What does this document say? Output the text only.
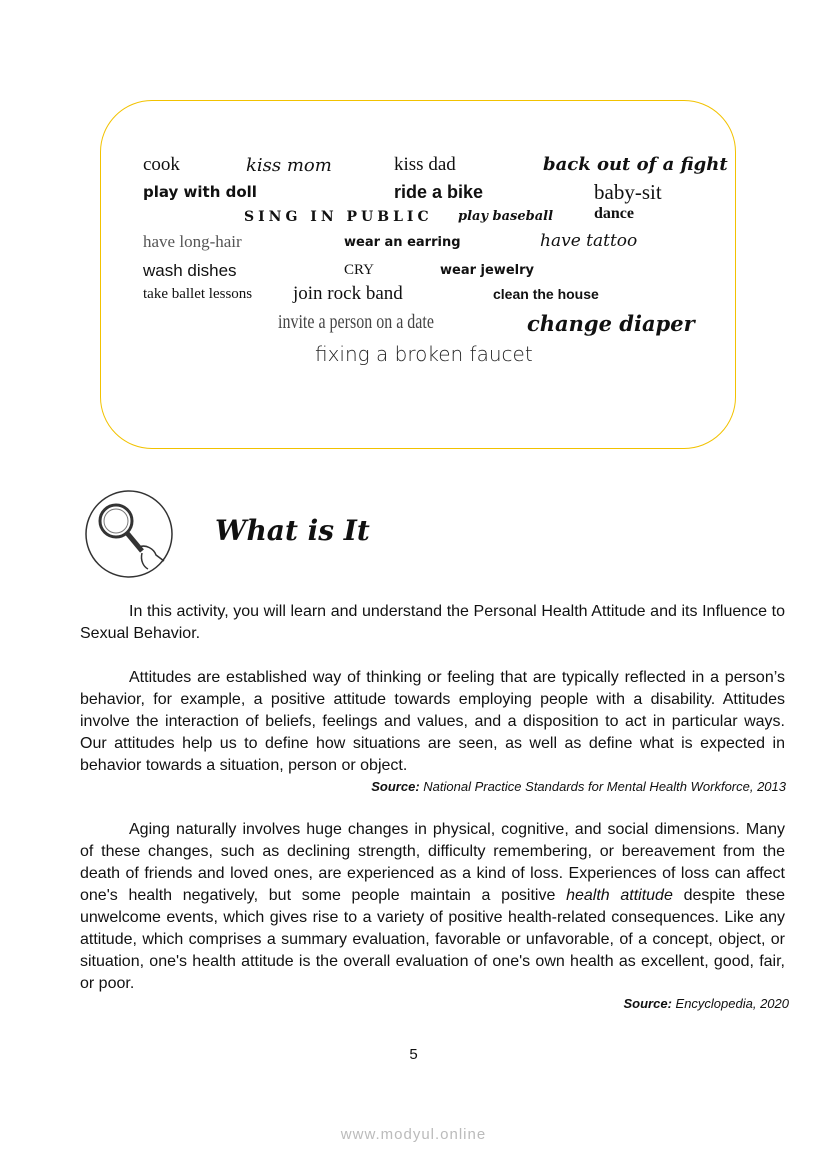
cook	kiss mom	kiss dad	back out of a fight
play with doll	ride a bike	baby-sit
SING IN PUBLIC play baseball	dance
have long-hair	wear an earring	have tattoo
wash dishes	CRY	wear jewelry
take ballet lessons join rock band	clean the house
invite a person on a date	change diaper
fixing a broken faucet
What is It

In this activity, you will learn and understand the Personal Health Attitude and its Influence to Sexual Behavior.

Attitudes are established way of thinking or feeling that are typically reflected in a person’s behavior, for example, a positive attitude towards employing people with a disability. Attitudes involve the interaction of beliefs, feelings and values, and a disposition to act in particular ways. Our attitudes help us to define how situations are seen, as well as define what is expected in behavior towards a situation, person or object.

Source: National Practice Standards for Mental Health Workforce, 2013

Aging naturally involves huge changes in physical, cognitive, and social dimensions. Many of these changes, such as declining strength, difficulty remembering, or bereavement from the death of friends and loved ones, are experienced as a kind of loss. Experiences of loss can affect one's health negatively, but some people maintain a positive health attitude despite these unwelcome events, which gives rise to a variety of positive health-related consequences. Like any attitude, which comprises a summary evaluation, favorable or unfavorable, of a concept, object, or situation, one's health attitude is the overall evaluation of one's own health as excellent, good, fair, or poor.

Source: Encyclopedia, 2020
5
www.modyul.online
